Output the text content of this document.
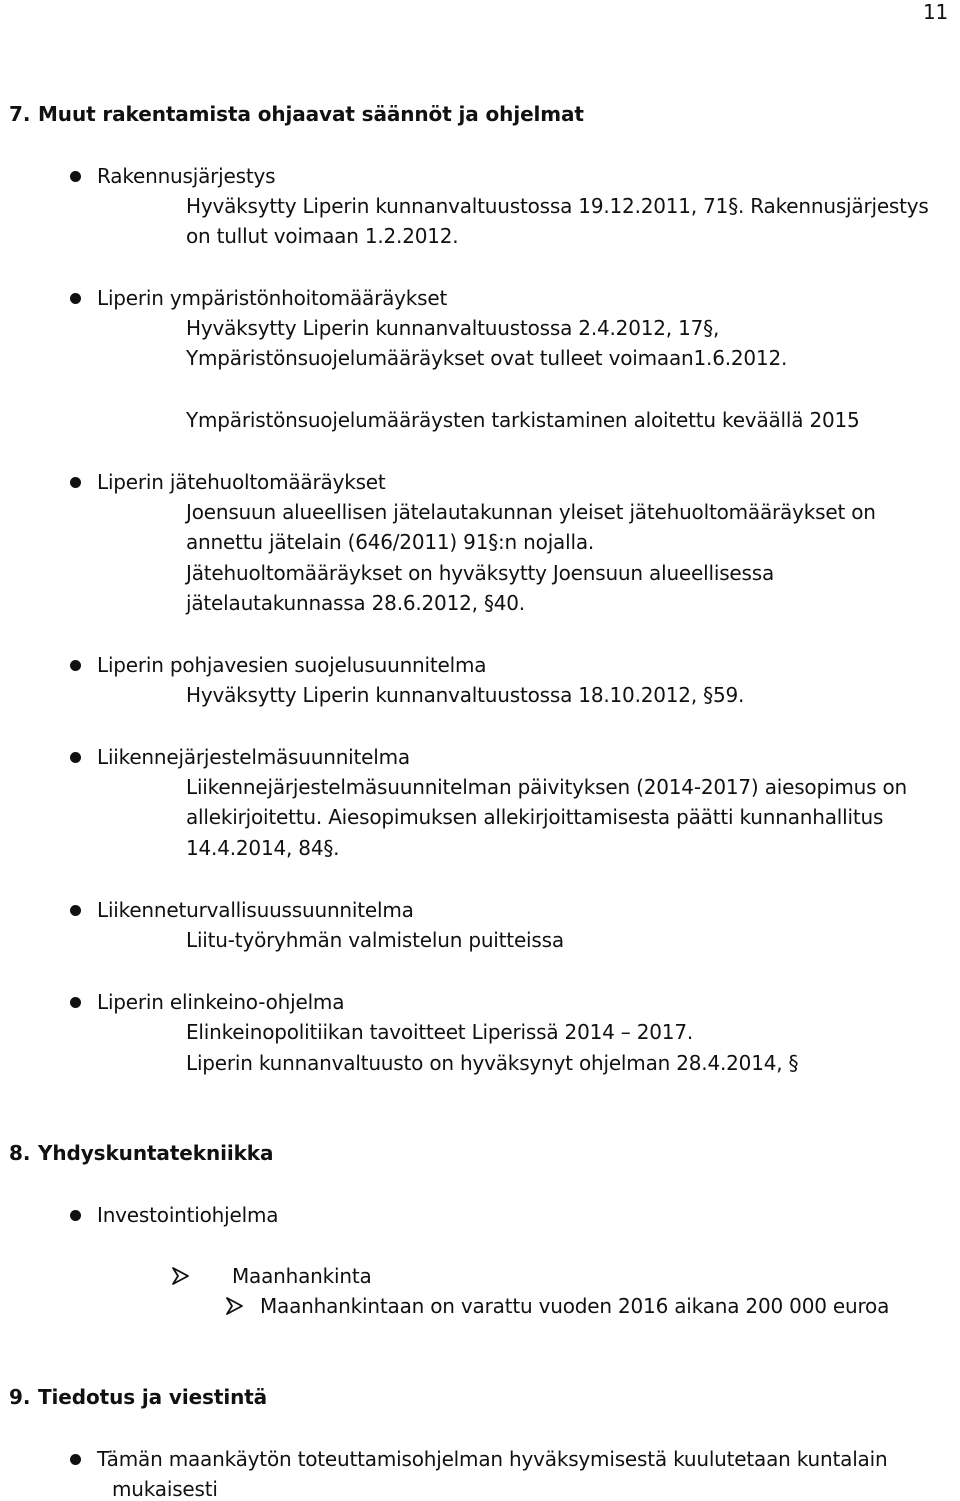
11
7. Muut rakentamista ohjaavat säännöt ja ohjelmat
Rakennusjärjestys
Hyväksytty Liperin kunnanvaltuustossa 19.12.2011, 71§. Rakennusjärjestys
on tullut voimaan 1.2.2012.
Liperin ympäristönhoitomääräykset
Hyväksytty Liperin kunnanvaltuustossa 2.4.2012, 17§,
Ympäristönsuojelumääräykset ovat tulleet voimaan1.6.2012.
Ympäristönsuojelumääräysten tarkistaminen aloitettu keväällä 2015
Liperin jätehuoltomääräykset
Joensuun alueellisen jätelautakunnan yleiset jätehuoltomääräykset on
annettu jätelain (646/2011) 91§:n nojalla.
Jätehuoltomääräykset on hyväksytty Joensuun alueellisessa
jätelautakunnassa 28.6.2012, §40.
Liperin pohjavesien suojelusuunnitelma
Hyväksytty Liperin kunnanvaltuustossa 18.10.2012, §59.
Liikennejärjestelmäsuunnitelma
Liikennejärjestelmäsuunnitelman päivityksen (2014-2017) aiesopimus on
allekirjoitettu. Aiesopimuksen allekirjoittamisesta päätti kunnanhallitus
14.4.2014, 84§.
Liikenneturvallisuussuunnitelma
Liitu-työryhmän valmistelun puitteissa
Liperin elinkeino-ohjelma
Elinkeinopolitiikan tavoitteet Liperissä 2014 – 2017.
Liperin kunnanvaltuusto on hyväksynyt ohjelman 28.4.2014, §
8. Yhdyskuntatekniikka
Investointiohjelma
Maanhankinta
Maanhankintaan on varattu vuoden 2016 aikana 200 000 euroa
9. Tiedotus ja viestintä
Tämän maankäytön toteuttamisohjelman hyväksymisestä kuulutetaan kuntalain
mukaisesti
